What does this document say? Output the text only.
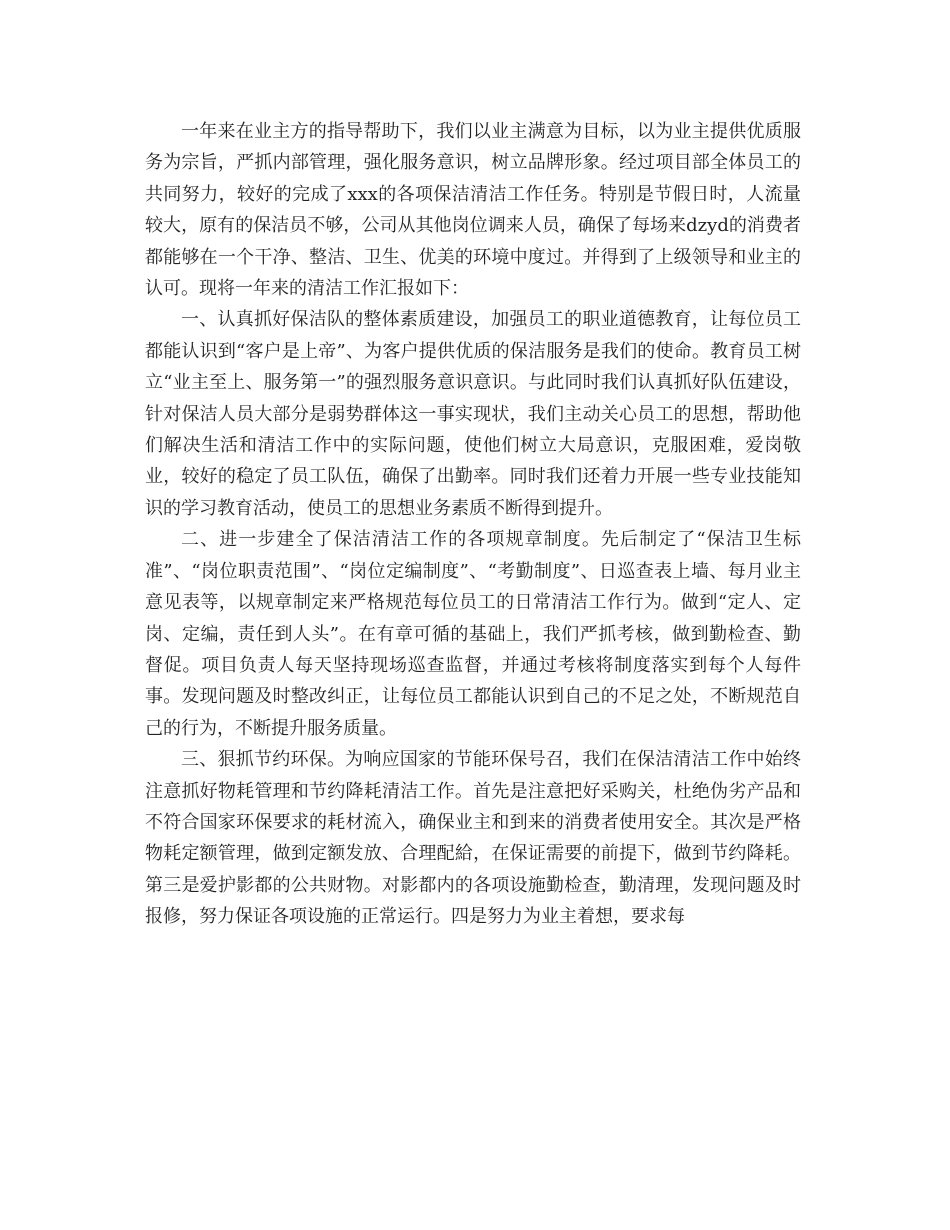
一年来在业主方的指导帮助下，我们以业主满意为目标，以为业主提供优质服务为宗旨，严抓内部管理，强化服务意识，树立品牌形象。经过项目部全体员工的共同努力，较好的完成了xxx的各项保洁清洁工作任务。特别是节假日时，人流量较大，原有的保洁员不够，公司从其他岗位调来人员，确保了每场来dzyd的消费者都能够在一个干净、整洁、卫生、优美的环境中度过。并得到了上级领导和业主的认可。现将一年来的清洁工作汇报如下：

一、认真抓好保洁队的整体素质建设，加强员工的职业道德教育，让每位员工都能认识到“客户是上帝”、为客户提供优质的保洁服务是我们的使命。教育员工树立“业主至上、服务第一”的强烈服务意识意识。与此同时我们认真抓好队伍建设，针对保洁人员大部分是弱势群体这一事实现状，我们主动关心员工的思想，帮助他们解决生活和清洁工作中的实际问题，使他们树立大局意识，克服困难，爱岗敬业，较好的稳定了员工队伍，确保了出勤率。同时我们还着力开展一些专业技能知识的学习教育活动，使员工的思想业务素质不断得到提升。

二、进一步建全了保洁清洁工作的各项规章制度。先后制定了“保洁卫生标准”、“岗位职责范围”、“岗位定编制度”、“考勤制度”、日巡查表上墙、每月业主意见表等，以规章制定来严格规范每位员工的日常清洁工作行为。做到“定人、定岗、定编，责任到人头”。在有章可循的基础上，我们严抓考核，做到勤检查、勤督促。项目负责人每天坚持现场巡查监督，并通过考核将制度落实到每个人每件事。发现问题及时整改纠正，让每位员工都能认识到自己的不足之处，不断规范自己的行为，不断提升服务质量。

三、狠抓节约环保。为响应国家的节能环保号召，我们在保洁清洁工作中始终注意抓好物耗管理和节约降耗清洁工作。首先是注意把好采购关，杜绝伪劣产品和不符合国家环保要求的耗材流入，确保业主和到来的消费者使用安全。其次是严格物耗定额管理，做到定额发放、合理配給，在保证需要的前提下，做到节约降耗。第三是爱护影都的公共财物。对影都内的各项设施勤检查，勤清理，发现问题及时报修，努力保证各项设施的正常运行。四是努力为业主着想，要求每
